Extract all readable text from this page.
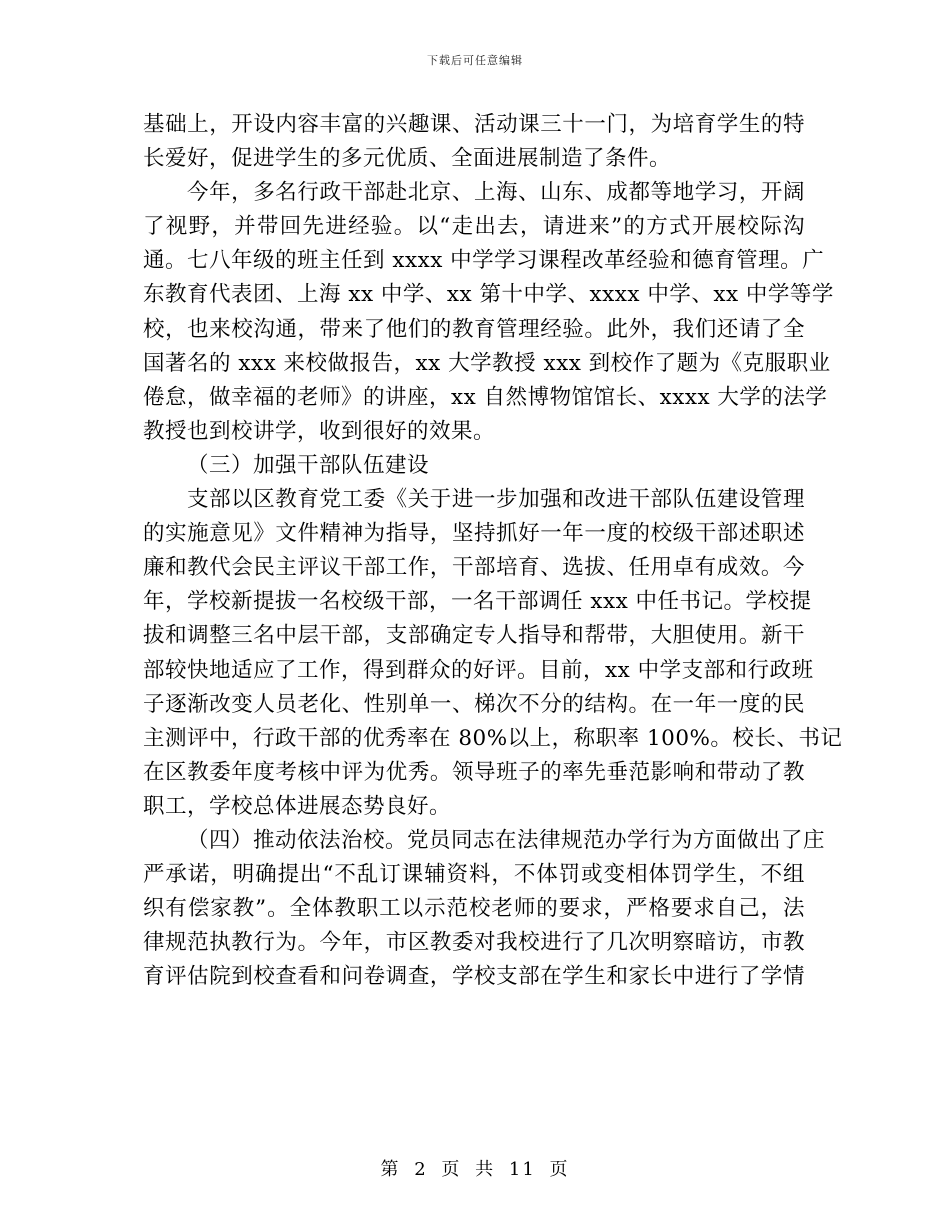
下载后可任意编辑
基础上，开设内容丰富的兴趣课、活动课三十一门，为培育学生的特
长爱好，促进学生的多元优质、全面进展制造了条件。
今年，多名行政干部赴北京、上海、山东、成都等地学习，开阔
了视野，并带回先进经验。以“走出去，请进来”的方式开展校际沟
通。七八年级的班主任到 xxxx 中学学习课程改革经验和德育管理。广
东教育代表团、上海 xx 中学、xx 第十中学、xxxx 中学、xx 中学等学
校，也来校沟通，带来了他们的教育管理经验。此外，我们还请了全
国著名的 xxx 来校做报告，xx 大学教授 xxx 到校作了题为《克服职业
倦怠，做幸福的老师》的讲座，xx 自然博物馆馆长、xxxx 大学的法学
教授也到校讲学，收到很好的效果。
（三）加强干部队伍建设
支部以区教育党工委《关于进一步加强和改进干部队伍建设管理
的实施意见》文件精神为指导，坚持抓好一年一度的校级干部述职述
廉和教代会民主评议干部工作，干部培育、选拔、任用卓有成效。今
年，学校新提拔一名校级干部，一名干部调任 xxx 中任书记。学校提
拔和调整三名中层干部，支部确定专人指导和帮带，大胆使用。新干
部较快地适应了工作，得到群众的好评。目前，xx 中学支部和行政班
子逐渐改变人员老化、性别单一、梯次不分的结构。在一年一度的民
主测评中，行政干部的优秀率在 80%以上，称职率 100%。校长、书记
在区教委年度考核中评为优秀。领导班子的率先垂范影响和带动了教
职工，学校总体进展态势良好。
（四）推动依法治校。党员同志在法律规范办学行为方面做出了庄
严承诺，明确提出“不乱订课辅资料，不体罚或变相体罚学生，不组
织有偿家教”。全体教职工以示范校老师的要求，严格要求自己，法
律规范执教行为。今年，市区教委对我校进行了几次明察暗访，市教
育评估院到校查看和问卷调查，学校支部在学生和家长中进行了学情
第 2 页 共 11 页
